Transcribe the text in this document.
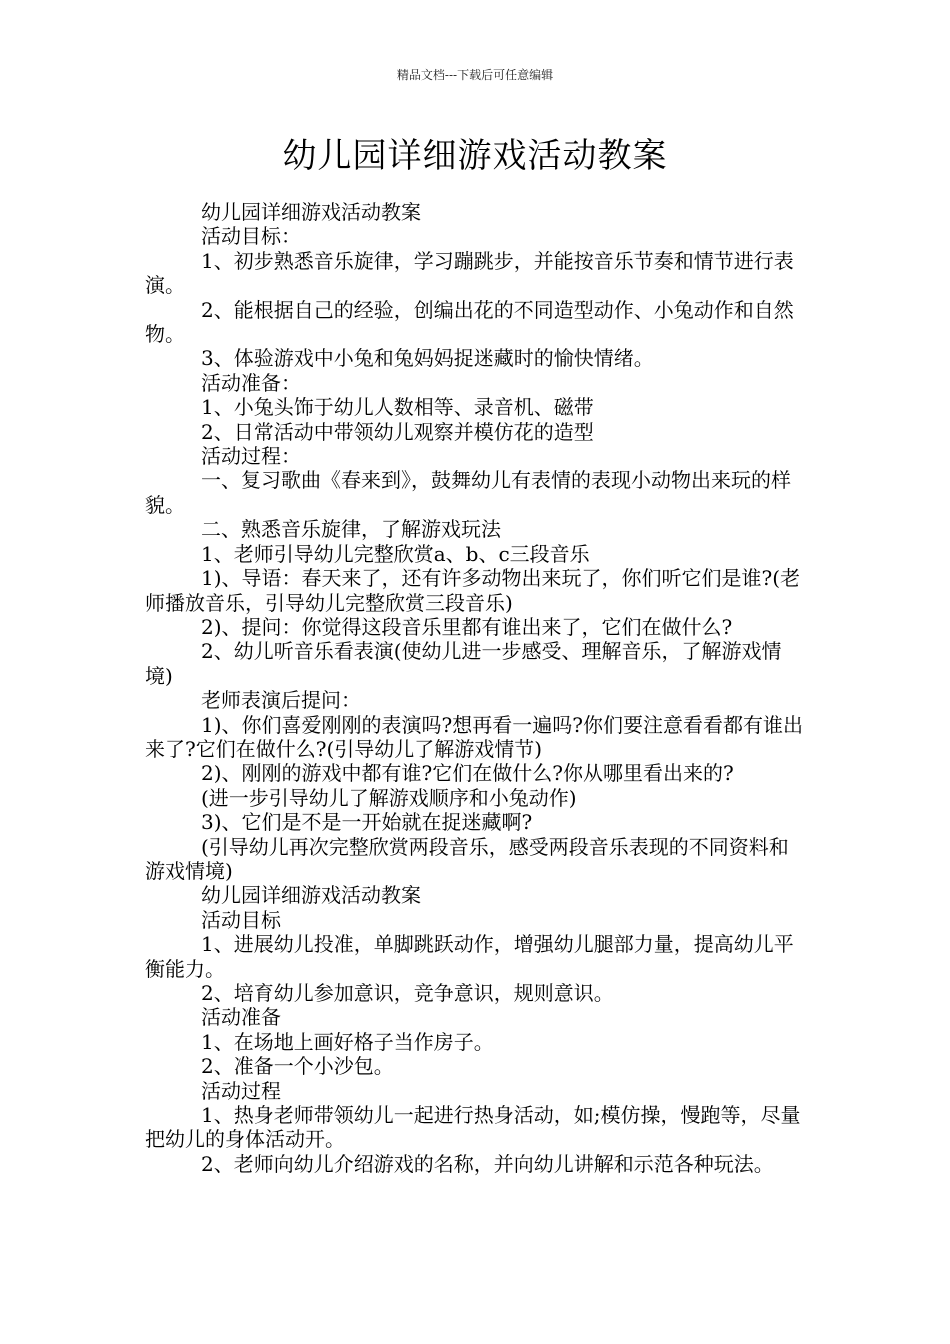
精品文档---下载后可任意编辑
幼儿园详细游戏活动教案

幼儿园详细游戏活动教案

活动目标：

1、初步熟悉音乐旋律，学习蹦跳步，并能按音乐节奏和情节进行表演。

2、能根据自己的经验，创编出花的不同造型动作、小兔动作和自然物。

3、体验游戏中小兔和兔妈妈捉迷藏时的愉快情绪。

活动准备：

1、小兔头饰于幼儿人数相等、录音机、磁带

2、日常活动中带领幼儿观察并模仿花的造型

活动过程：

一、复习歌曲《春来到》，鼓舞幼儿有表情的表现小动物出来玩的样貌。

二、熟悉音乐旋律，了解游戏玩法

1、老师引导幼儿完整欣赏a、b、c三段音乐

1)、导语：春天来了，还有许多动物出来玩了，你们听它们是谁?(老师播放音乐，引导幼儿完整欣赏三段音乐)

2)、提问：你觉得这段音乐里都有谁出来了，它们在做什么?

2、幼儿听音乐看表演(使幼儿进一步感受、理解音乐，了解游戏情境)

老师表演后提问：

1)、你们喜爱刚刚的表演吗?想再看一遍吗?你们要注意看看都有谁出来了?它们在做什么?(引导幼儿了解游戏情节)

2)、刚刚的游戏中都有谁?它们在做什么?你从哪里看出来的?

(进一步引导幼儿了解游戏顺序和小兔动作)

3)、它们是不是一开始就在捉迷藏啊?

(引导幼儿再次完整欣赏两段音乐，感受两段音乐表现的不同资料和游戏情境)

幼儿园详细游戏活动教案

活动目标

1、进展幼儿投准，单脚跳跃动作，增强幼儿腿部力量，提高幼儿平衡能力。

2、培育幼儿参加意识，竞争意识，规则意识。

活动准备

1、在场地上画好格子当作房子。

2、准备一个小沙包。

活动过程

1、热身老师带领幼儿一起进行热身活动，如;模仿操，慢跑等，尽量把幼儿的身体活动开。

2、老师向幼儿介绍游戏的名称，并向幼儿讲解和示范各种玩法。
